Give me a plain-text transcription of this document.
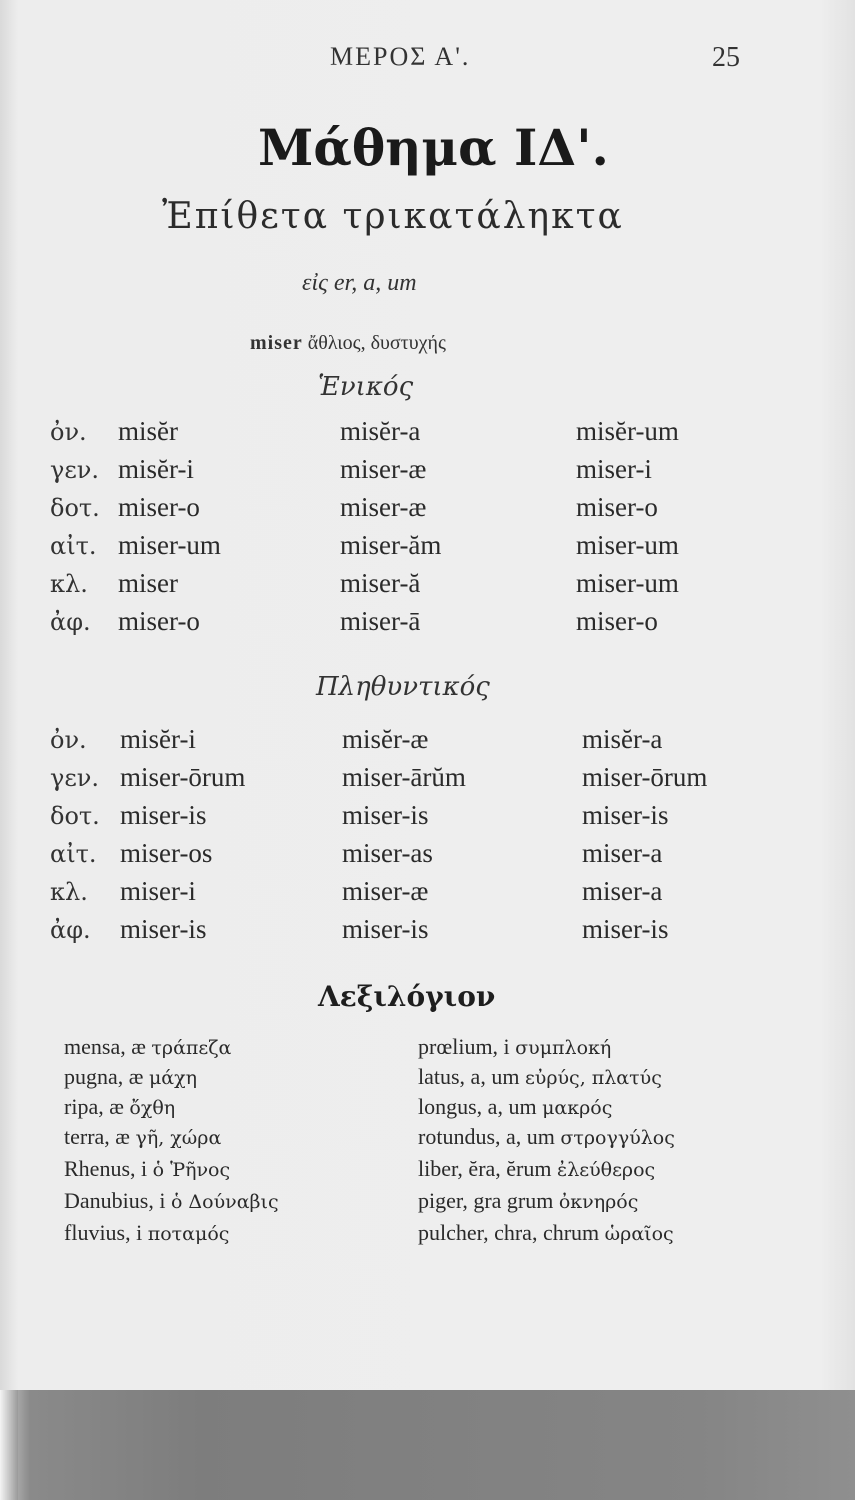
ΜΕΡΟΣ Α'.	25
Μάθημα ΙΔ'.
Ἐπίθετα τρικατάληκτα
εἰς er, a, um
miser ἄθλιος, δυστυχής
Ἑνικός
ὀν. misĕr	misĕr-a	misĕr-um
γεν. misĕr-i	miser-æ	miser-i
δοτ. miser-o	miser-æ	miser-o
αἰτ. miser-um	miser-ăm	miser-um
κλ. miser	miser-ă	miser-um
ἀφ. miser-o	miser-ā	miser-o
Πληθυντικός
ὀν. misĕr-i	misĕr-æ	misĕr-a
γεν. miser-ōrum	miser-ārŭm	miser-ōrum
δοτ. miser-is	miser-is	miser-is
αἰτ. miser-os	miser-as	miser-a
κλ. miser-i	miser-æ	miser-a
ἀφ. miser-is	miser-is	miser-is
Λεξιλόγιον
mensa, æ τράπεζα
pugna, æ μάχη
ripa, æ ὄχθη
terra, æ γῆ, χώρα
Rhenus, i ὁ Ῥῆνος
Danubius, i ὁ Δούναβις
fluvius, i ποταμός
prœlium, i συμπλοκή
latus, a, um εὐρύς, πλατύς
longus, a, um μακρός
rotundus, a, um στρογγύλος
liber, ĕra, ĕrum ἐλεύθερος
piger, gra grum ὀκνηρός
pulcher, chra, chrum ὡραῖος
